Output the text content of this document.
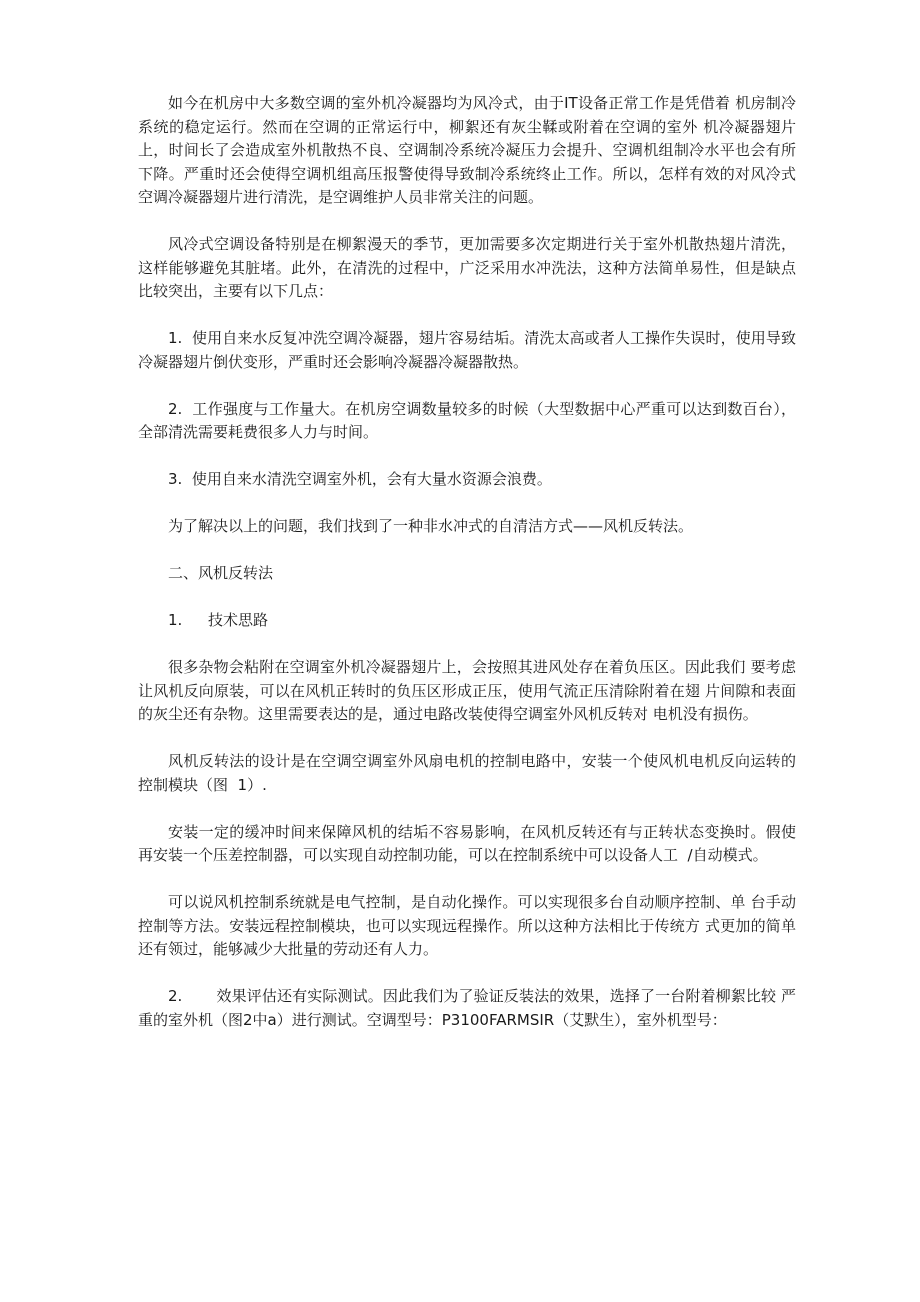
如今在机房中大多数空调的室外机冷凝器均为风冷式，由于IT设备正常工作是凭借着 机房制冷系统的稳定运行。然而在空调的正常运行中，柳絮还有灰尘鞣或附着在空调的室外 机冷凝器翅片上，时间长了会造成室外机散热不良、空调制冷系统冷凝压力会提升、空调机组制冷水平也会有所下降。严重时还会使得空调机组高压报警使得导致制冷系统终止工作。所以，怎样有效的对风冷式空调冷凝器翅片进行清洗，是空调维护人员非常关注的问题。

风冷式空调设备特别是在柳絮漫天的季节，更加需要多次定期进行关于室外机散热翅片清洗，这样能够避免其脏堵。此外，在清洗的过程中，广泛采用水冲洗法，这种方法简单易性，但是缺点比较突出，主要有以下几点：

1.  使用自来水反复冲洗空调冷凝器，翅片容易结垢。清洗太高或者人工操作失误时，使用导致冷凝器翅片倒伏变形，严重时还会影响冷凝器冷凝器散热。

2.  工作强度与工作量大。在机房空调数量较多的时候（大型数据中心严重可以达到数百台），全部清洗需要耗费很多人力与时间。

3.  使用自来水清洗空调室外机，会有大量水资源会浪费。

为了解决以上的问题，我们找到了一种非水冲式的自清洁方式——风机反转法。

二、风机反转法
1.	技术思路

很多杂物会粘附在空调室外机冷凝器翅片上，会按照其进风处存在着负压区。因此我们 要考虑让风机反向原装，可以在风机正转时的负压区形成正压，使用气流正压清除附着在翅 片间隙和表面的灰尘还有杂物。这里需要表达的是，通过电路改装使得空调室外风机反转对 电机没有损伤。

风机反转法的设计是在空调空调室外风扇电机的控制电路中，安装一个使风机电机反向运转的控制模块（图  1）.

安装一定的缓冲时间来保障风机的结垢不容易影响，在风机反转还有与正转状态变换时。假使再安装一个压差控制器，可以实现自动控制功能，可以在控制系统中可以设备人工  /自动模式。

可以说风机控制系统就是电气控制，是自动化操作。可以实现很多台自动顺序控制、单 台手动控制等方法。安装远程控制模块，也可以实现远程操作。所以这种方法相比于传统方 式更加的简单还有领过，能够减少大批量的劳动还有人力。

2.       效果评估还有实际测试。因此我们为了验证反装法的效果，选择了一台附着柳絮比较 严重的室外机（图2中a）进行测试。空调型号：P3100FARMSIR（艾默生），室外机型号：
